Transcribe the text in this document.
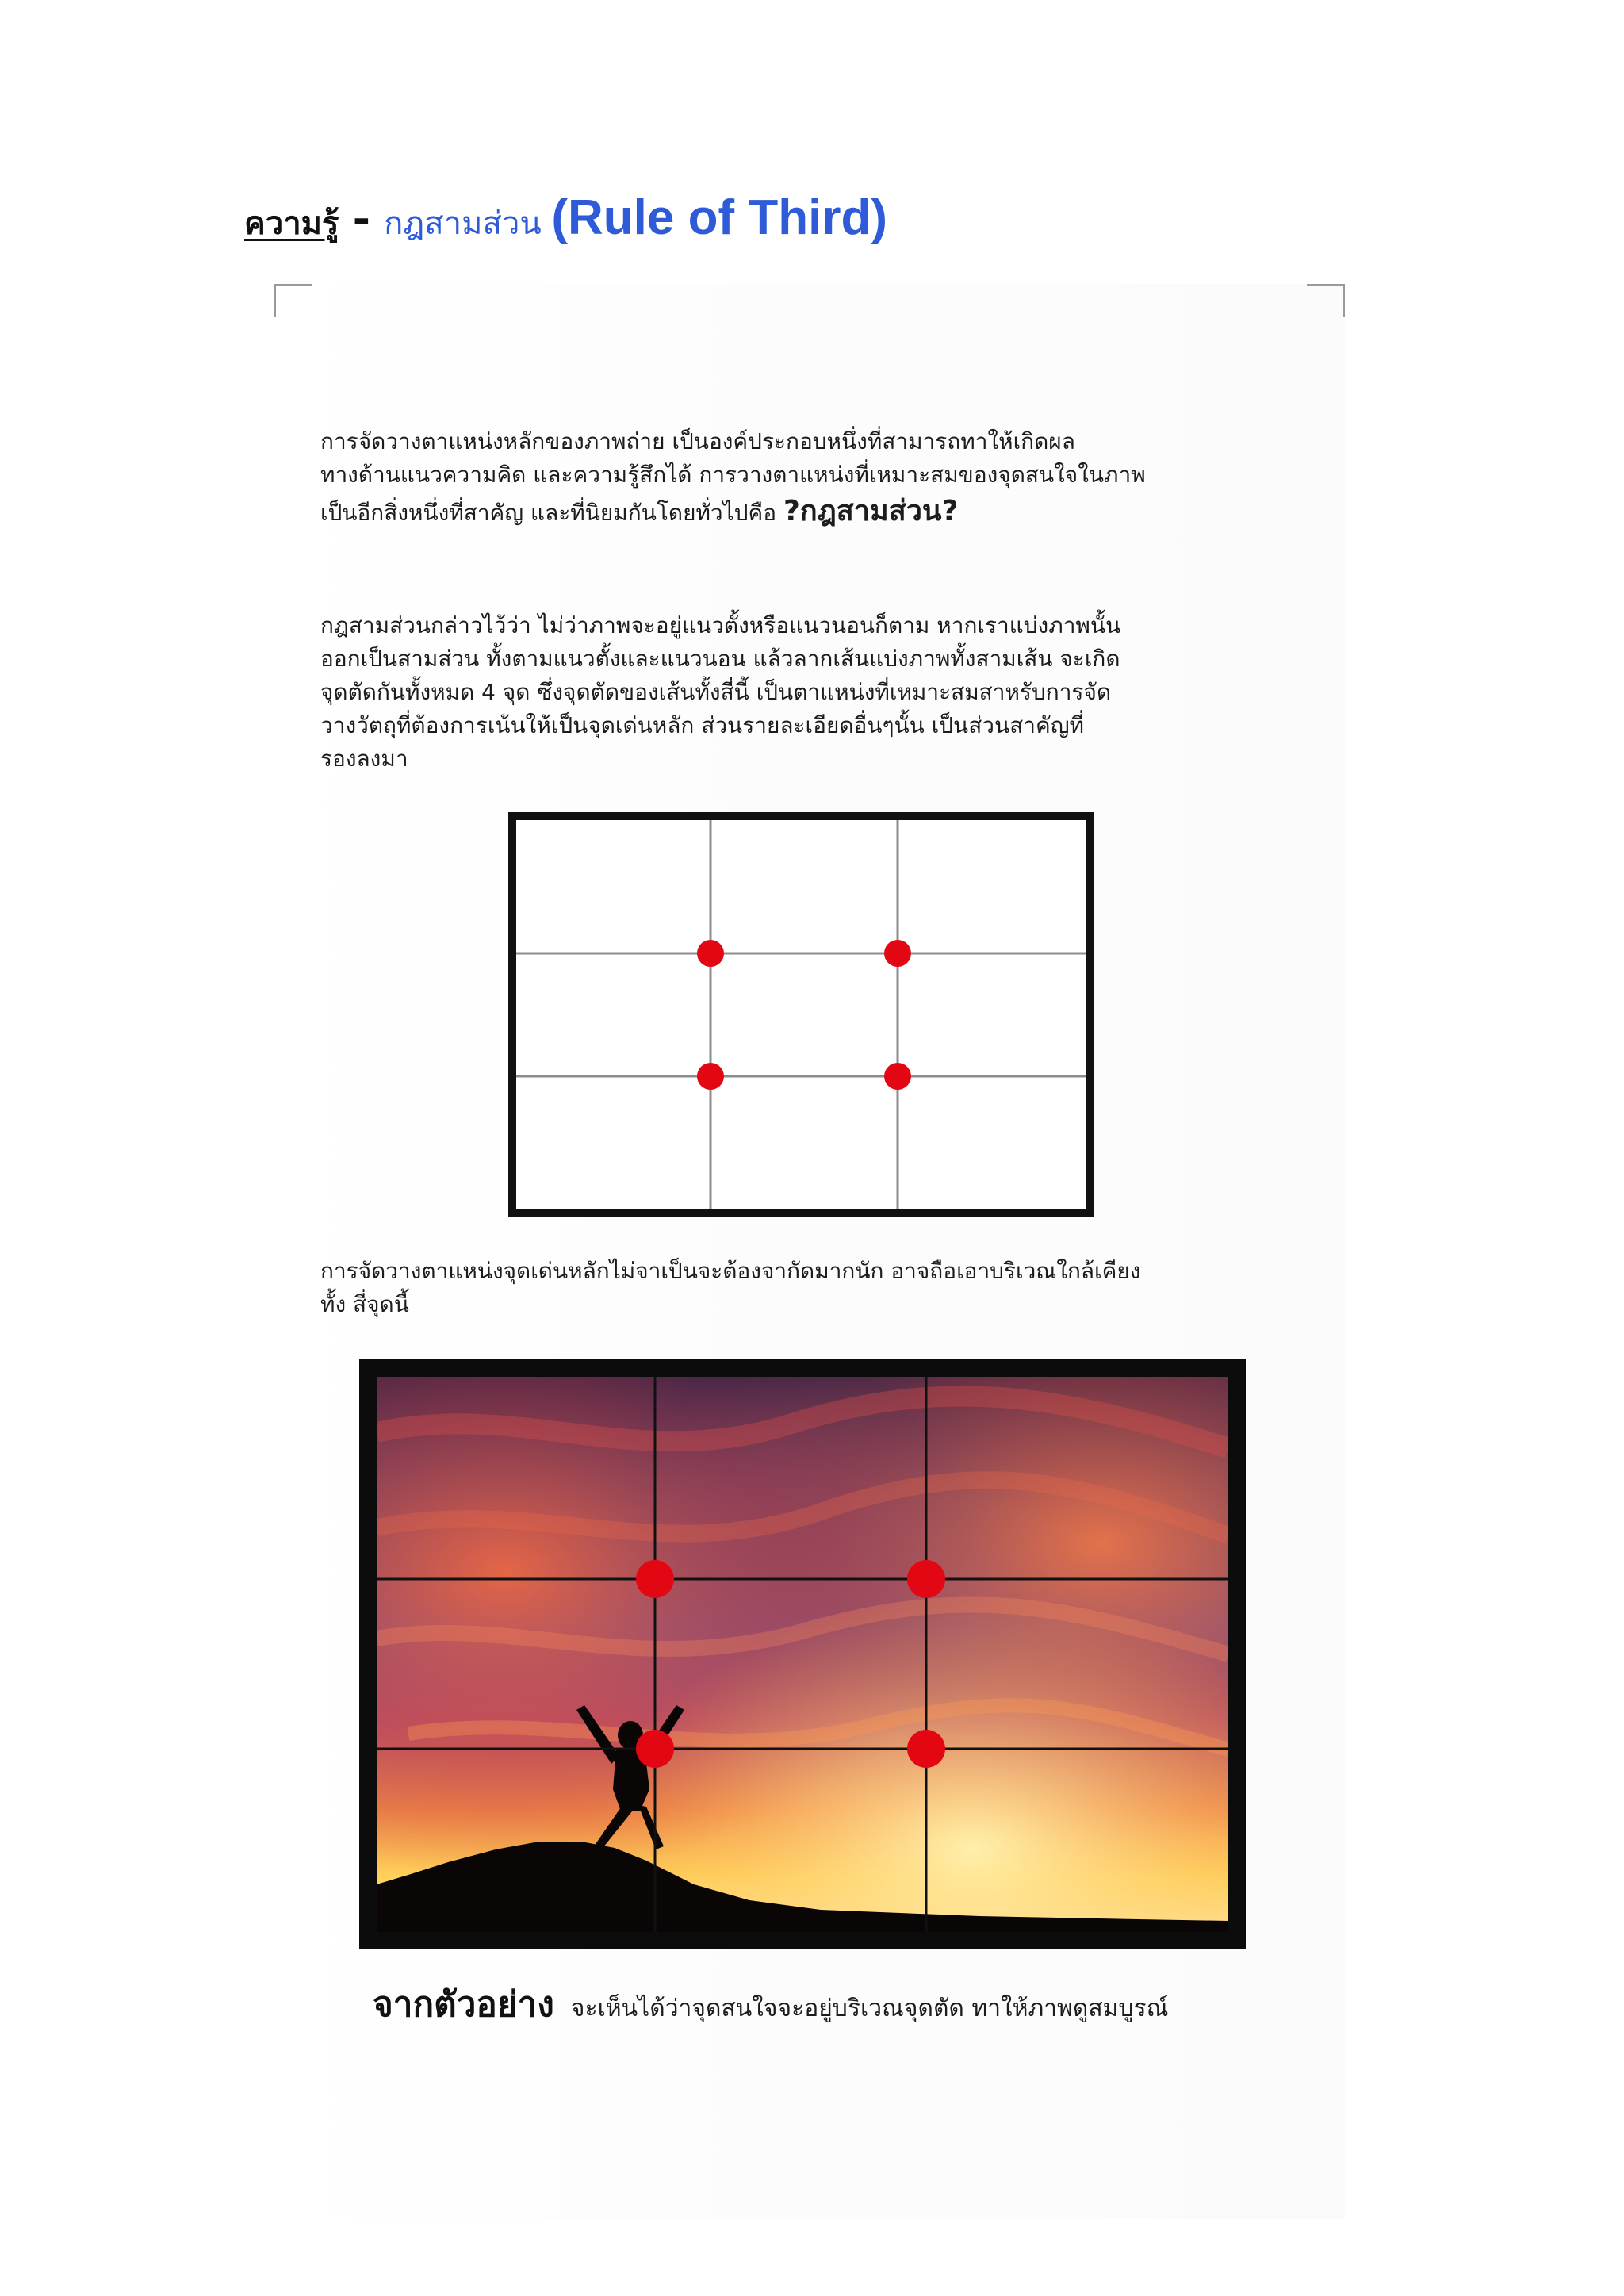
ความรู้ - กฎสามส่วน (Rule of Third)
การจัดวางตาแหน่งหลักของภาพถ่าย เป็นองค์ประกอบหนึ่งที่สามารถทาให้เกิดผล
ทางด้านแนวความคิด และความรู้สึกได้ การวางตาแหน่งที่เหมาะสมของจุดสนใจในภาพ
เป็นอีกสิ่งหนึ่งที่สาคัญ และที่นิยมกันโดยทั่วไปคือ ?กฎสามส่วน?
กฎสามส่วนกล่าวไว้ว่า ไม่ว่าภาพจะอยู่แนวตั้งหรือแนวนอนก็ตาม หากเราแบ่งภาพนั้น
ออกเป็นสามส่วน ทั้งตามแนวตั้งและแนวนอน แล้วลากเส้นแบ่งภาพทั้งสามเส้น จะเกิด
จุดตัดกันทั้งหมด 4 จุด ซึ่งจุดตัดของเส้นทั้งสี่นี้ เป็นตาแหน่งที่เหมาะสมสาหรับการจัด
วางวัตถุที่ต้องการเน้นให้เป็นจุดเด่นหลัก ส่วนรายละเอียดอื่นๆนั้น เป็นส่วนสาคัญที่
รองลงมา
การจัดวางตาแหน่งจุดเด่นหลักไม่จาเป็นจะต้องจากัดมากนัก อาจถือเอาบริเวณใกล้เคียง
ทั้ง สี่จุดนี้
จากตัวอย่าง จะเห็นได้ว่าจุดสนใจจะอยู่บริเวณจุดตัด ทาให้ภาพดูสมบูรณ์
